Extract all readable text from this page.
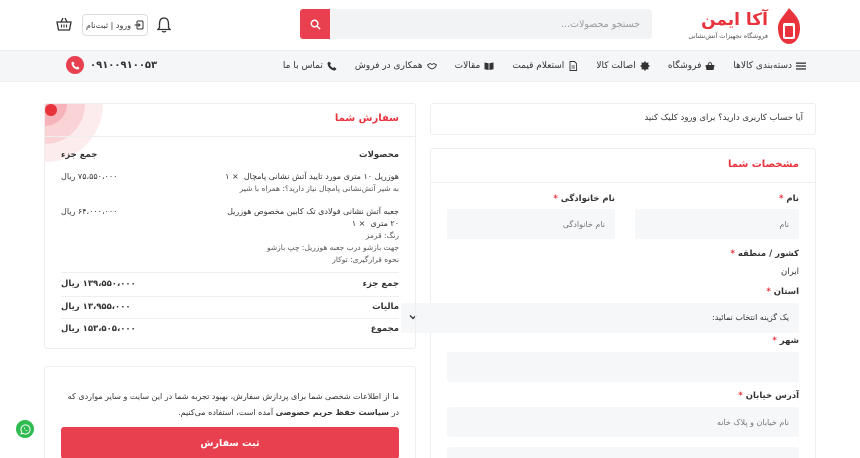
آکا ایمن
فروشگاه تجهیزات آتش‌نشانی
جستجو محصولات...
ورود | ثبت‌نام
دسته‌بندی کالاها
فروشگاه
اصالت کالا
استعلام قیمت
مقالات
همکاری در فروش
تماس با ما
۰۹۱۰۰۹۱۰۰۵۳
آیا حساب کاربری دارید؟ برای ورود کلیک کنید
مشخصات شما
نام *
نام
نام خانوادگی *
نام خانوادگی
کشور / منطقه *
ایران
استان *
یک گزینه انتخاب نمائید:
شهر *
آدرس خیابان *
نام خیابان و پلاک خانه
سفارش شما
محصولات
جمع جزء
هوزریل ۱۰ متری مورد تایید آتش نشانی پامچال  × ۱
به شیر آتش‌نشانی پامچال نیاز دارید؟: همراه با شیر
۷۵،۵۵۰،۰۰۰ ریال
جعبه آتش نشانی فولادی تک کابین مخصوص هوزریل
۲۰ متری  × ۱
رنگ: قرمز
جهت بازشو درب جعبه هوزریل: چپ بازشو
نحوه قرارگیری: توکار
۶۴،۰۰۰،۰۰۰ ریال
جمع جزء
۱۳۹،۵۵۰،۰۰۰ ریال
مالیات
۱۳،۹۵۵،۰۰۰ ریال
مجموع
۱۵۳،۵۰۵،۰۰۰ ریال

ما از اطلاعات شخصی شما برای پردازش سفارش، بهبود تجربه شما در این سایت و سایر مواردی که در سیاست حفظ حریم خصوصی آمده است، استفاده می‌کنیم.

ثبت سفارش
